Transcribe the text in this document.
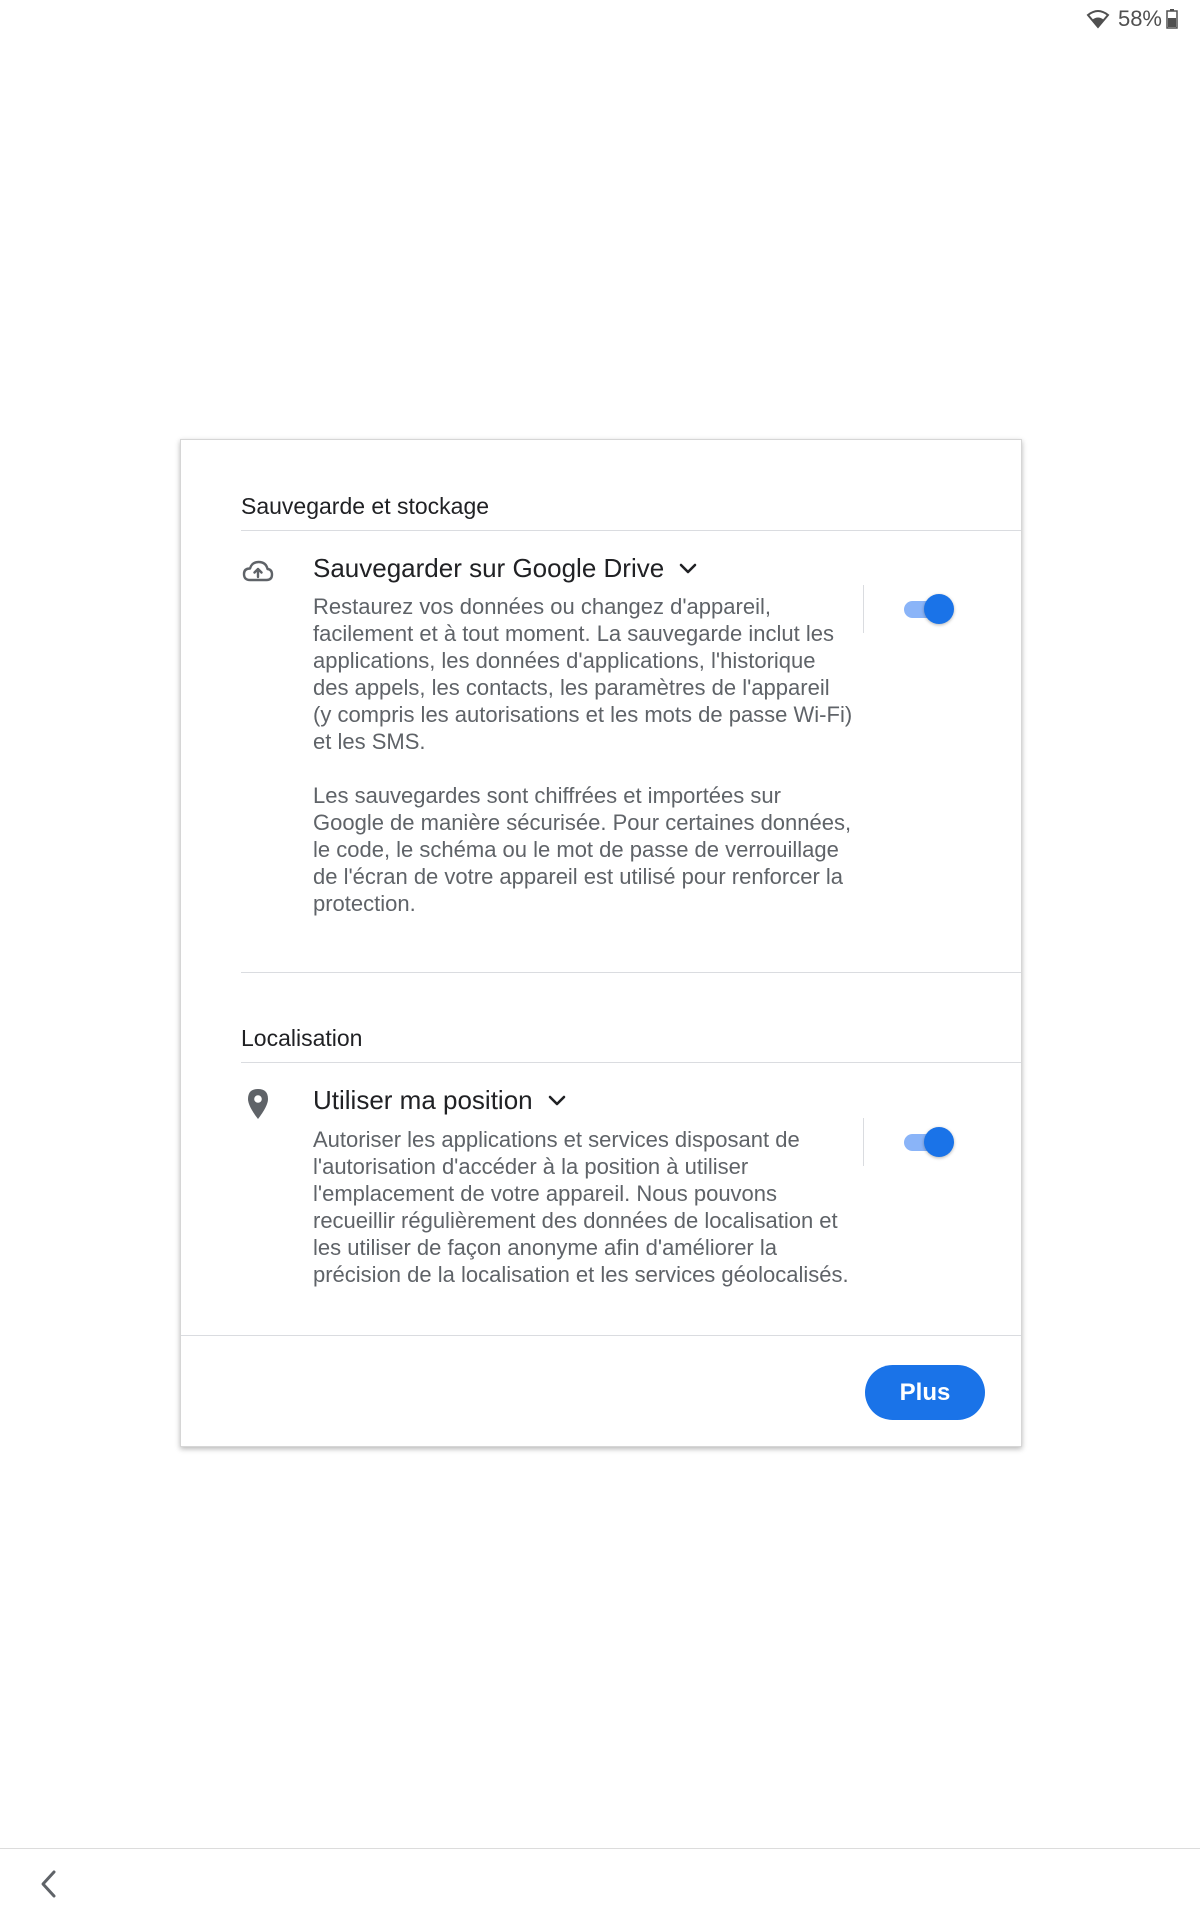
58%
Sauvegarde et stockage
Sauvegarder sur Google Drive

Restaurez vos données ou changez d'appareil, facilement et à tout moment. La sauvegarde inclut les applications, les données d'applications, l'historique des appels, les contacts, les paramètres de l'appareil (y compris les autorisations et les mots de passe Wi-Fi) et les SMS.

Les sauvegardes sont chiffrées et importées sur Google de manière sécurisée. Pour certaines données, le code, le schéma ou le mot de passe de verrouillage de l'écran de votre appareil est utilisé pour renforcer la protection.

Localisation
Utiliser ma position

Autoriser les applications et services disposant de l'autorisation d'accéder à la position à utiliser l'emplacement de votre appareil. Nous pouvons recueillir régulièrement des données de localisation et les utiliser de façon anonyme afin d'améliorer la précision de la localisation et les services géolocalisés.

Plus
